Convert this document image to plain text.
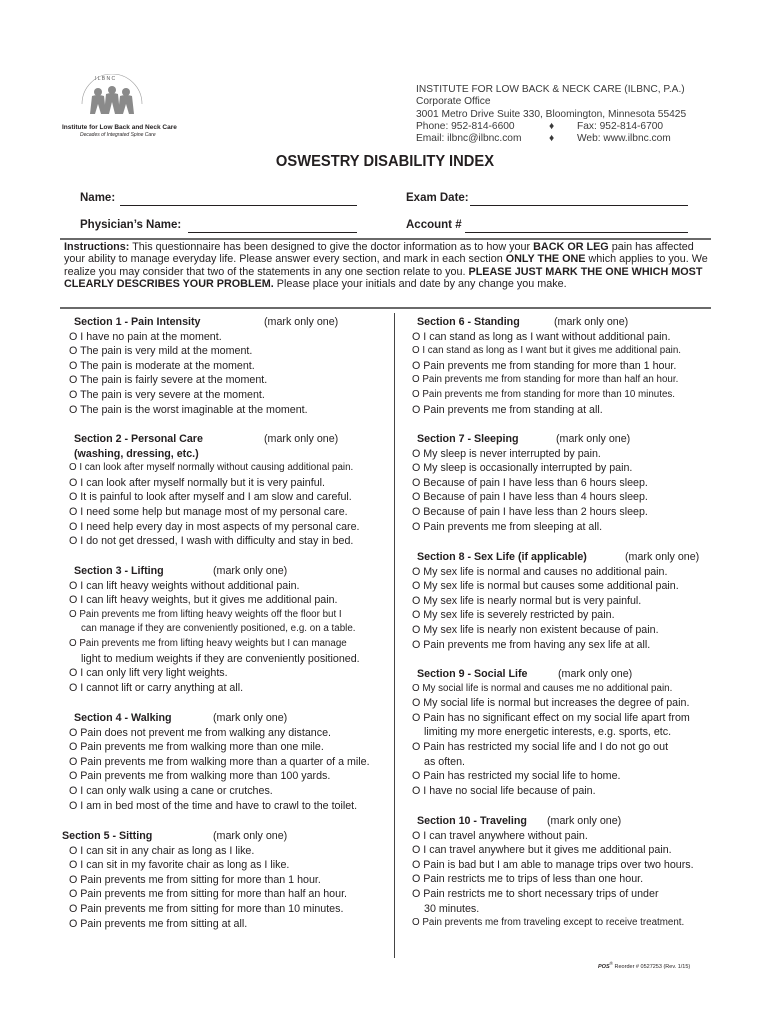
I L B N C
Institute for Low Back and Neck Care
Decades of Integrated Spine Care
INSTITUTE FOR LOW BACK & NECK CARE (ILBNC, P.A.)
Corporate Office
3001 Metro Drive Suite 330, Bloomington, Minnesota 55425
Phone: 952-814-6600	♦ Fax: 952-814-6700
Email: ilbnc@ilbnc.com	♦ Web: www.ilbnc.com
OSWESTRY DISABILITY INDEX
Name:	Exam Date:
Physician’s Name:	Account #
Instructions: This questionnaire has been designed to give the doctor information as to how your BACK OR LEG pain has affected your ability to manage everyday life. Please answer every section, and mark in each section ONLY THE ONE which applies to you. We realize you may consider that two of the statements in any one section relate to you. PLEASE JUST MARK THE ONE WHICH MOST CLEARLY DESCRIBES YOUR PROBLEM. Please place your initials and date by any change you make.
Section 1 - Pain Intensity	(mark only one)
O I have no pain at the moment.
O The pain is very mild at the moment.
O The pain is moderate at the moment.
O The pain is fairly severe at the moment.
O The pain is very severe at the moment.
O The pain is the worst imaginable at the moment.
Section 2 - Personal Care	(mark only one)
(washing, dressing, etc.)
O I can look after myself normally without causing additional pain.
O I can look after myself normally but it is very painful.
O It is painful to look after myself and I am slow and careful.
O I need some help but manage most of my personal care.
O I need help every day in most aspects of my personal care.
O I do not get dressed, I wash with difficulty and stay in bed.
Section 3 - Lifting	(mark only one)
O I can lift heavy weights without additional pain.
O I can lift heavy weights, but it gives me additional pain.
O Pain prevents me from lifting heavy weights off the floor but I
can manage if they are conveniently positioned, e.g. on a table.
O Pain prevents me from lifting heavy weights but I can manage
light to medium weights if they are conveniently positioned.
O I can only lift very light weights.
O I cannot lift or carry anything at all.
Section 4 - Walking	(mark only one)
O Pain does not prevent me from walking any distance.
O Pain prevents me from walking more than one mile.
O Pain prevents me from walking more than a quarter of a mile.
O Pain prevents me from walking more than 100 yards.
O I can only walk using a cane or crutches.
O I am in bed most of the time and have to crawl to the toilet.
Section 5 - Sitting	(mark only one)
O I can sit in any chair as long as I like.
O I can sit in my favorite chair as long as I like.
O Pain prevents me from sitting for more than 1 hour.
O Pain prevents me from sitting for more than half an hour.
O Pain prevents me from sitting for more than 10 minutes.
O Pain prevents me from sitting at all.
Section 6 - Standing	(mark only one)
O I can stand as long as I want without additional pain.
O I can stand as long as I want but it gives me additional pain.
O Pain prevents me from standing for more than 1 hour.
O Pain prevents me from standing for more than half an hour.
O Pain prevents me from standing for more than 10 minutes.
O Pain prevents me from standing at all.
Section 7 - Sleeping	(mark only one)
O My sleep is never interrupted by pain.
O My sleep is occasionally interrupted by pain.
O Because of pain I have less than 6 hours sleep.
O Because of pain I have less than 4 hours sleep.
O Because of pain I have less than 2 hours sleep.
O Pain prevents me from sleeping at all.
Section 8 - Sex Life (if applicable)	(mark only one)
O My sex life is normal and causes no additional pain.
O My sex life is normal but causes some additional pain.
O My sex life is nearly normal but is very painful.
O My sex life is severely restricted by pain.
O My sex life is nearly non existent because of pain.
O Pain prevents me from having any sex life at all.
Section 9 - Social Life	(mark only one)
O My social life is normal and causes me no additional pain.
O My social life is normal but increases the degree of pain.
O Pain has no significant effect on my social life apart from
limiting my more energetic interests, e.g. sports, etc.
O Pain has restricted my social life and I do not go out
as often.
O Pain has restricted my social life to home.
O I have no social life because of pain.
Section 10 - Traveling (mark only one)
O I can travel anywhere without pain.
O I can travel anywhere but it gives me additional pain.
O Pain is bad but I am able to manage trips over two hours.
O Pain restricts me to trips of less than one hour.
O Pain restricts me to short necessary trips of under
30 minutes.
O Pain prevents me from traveling except to receive treatment.
POS® Reorder # 0527253 (Rev. 1/15)
